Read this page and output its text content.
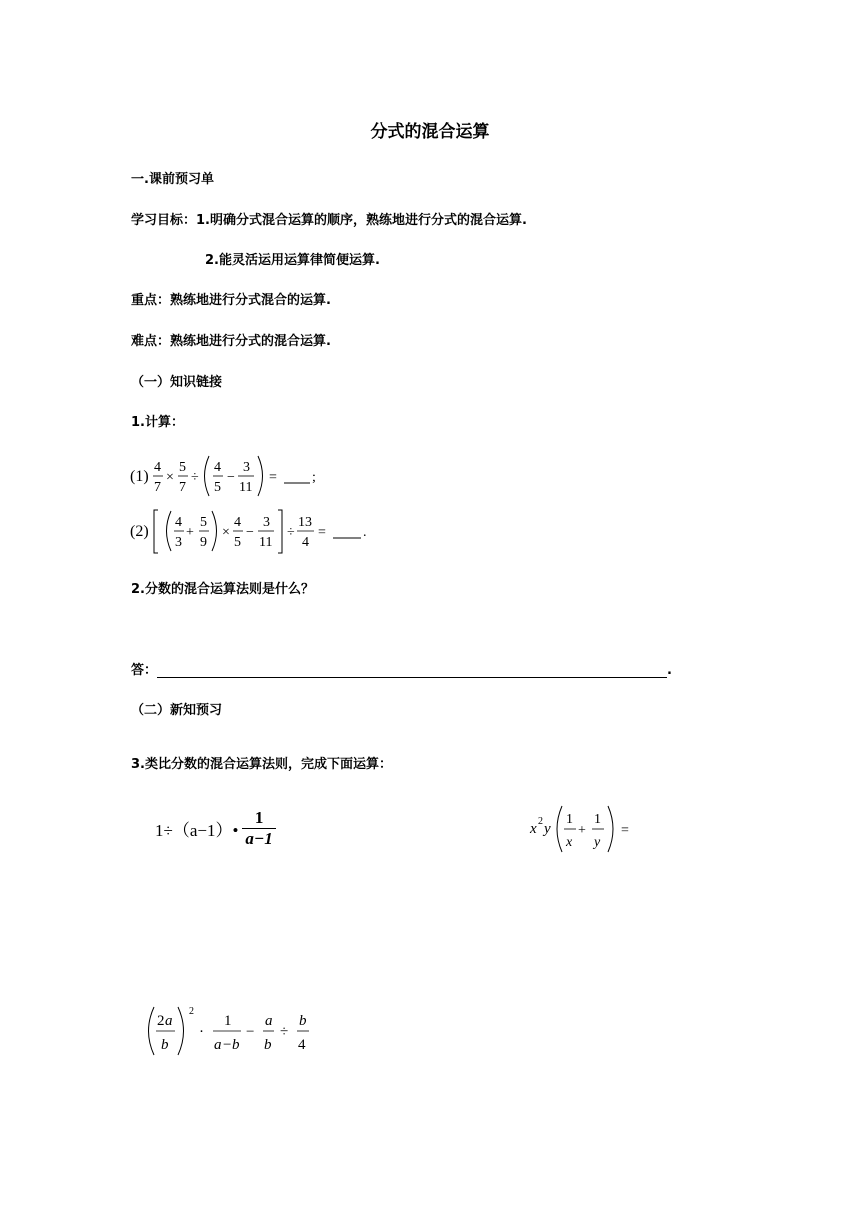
分式的混合运算
一.课前预习单
学习目标：1.明确分式混合运算的顺序，熟练地进行分式的混合运算.
2.能灵活运用运算律简便运算.
重点：熟练地进行分式混合的运算.
难点：熟练地进行分式的混合运算.
（一）知识链接
1.计算：
(1)
4
7
×
5
7
÷
4
5
−
3
11
=	;
(2)
4
3
+
5
9
×
4
5
−
3
11
÷
13
4
=	.
2.分数的混合运算法则是什么？
答：	.
（二）新知预习
3.类比分数的混合运算法则，完成下面运算：
1÷（a−1）• $\frac{1}{a-1}$	x 2 y
1
x
+
1
y
=
2 a
b
2
·
1
a − b
−
a
b
÷
b
4
